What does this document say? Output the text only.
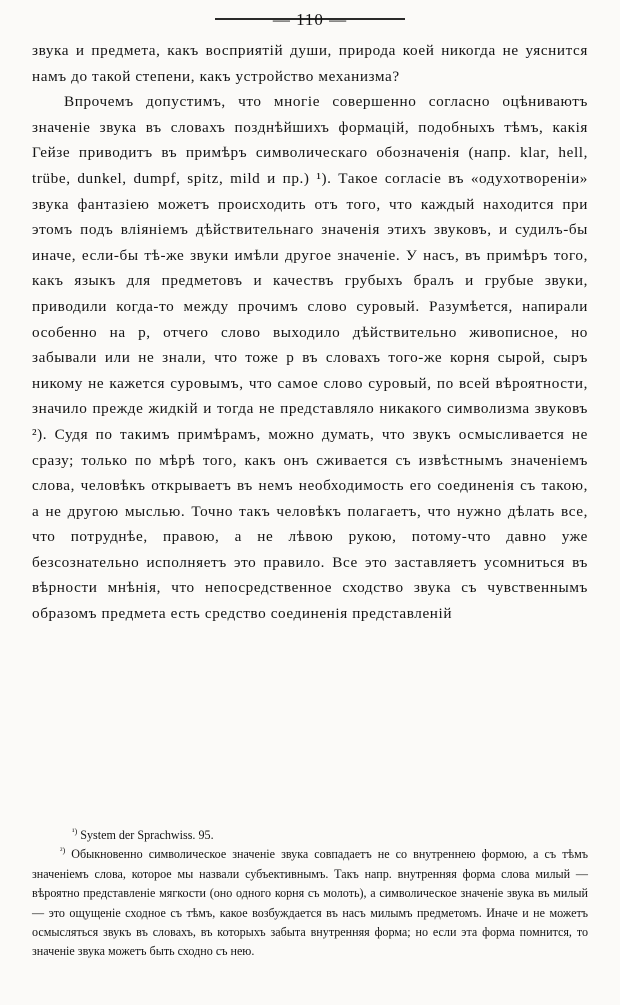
— 110 —

звука и предмета, какъ восприятій души, природа коей никогда не уяснится намъ до такой степени, какъ устройство механизма?

Впрочемъ допустимъ, что многіе совершенно согласно оцѣниваютъ значеніе звука въ словахъ позднѣйшихъ формацій, подобныхъ тѣмъ, какія Гейзе приводитъ въ примѣръ символическаго обозначенія (напр. klar, hell, trübe, dunkel, dumpf, spitz, mild и пр.) ¹). Такое согласіе въ «одухотвореніи» звука фантазіею можетъ происходить отъ того, что каждый находится при этомъ подъ вліяніемъ дѣйствительнаго значенія этихъ звуковъ, и судилъ-бы иначе, если-бы тѣ-же звуки имѣли другое значеніе. У насъ, въ примѣръ того, какъ языкъ для предметовъ и качествъ грубыхъ бралъ и грубые звуки, приводили когда-то между прочимъ слово суровый. Разумѣется, напирали особенно на р, отчего слово выходило дѣйствительно живописное, но забывали или не знали, что тоже р въ словахъ того-же корня сырой, сыръ никому не кажется суровымъ, что самое слово суровый, по всей вѣроятности, значило прежде жидкій и тогда не представляло никакого символизма звуковъ ²). Судя по такимъ примѣрамъ, можно думать, что звукъ осмысливается не сразу; только по мѣрѣ того, какъ онъ сживается съ извѣстнымъ значеніемъ слова, человѣкъ открываетъ въ немъ необходимость его соединенія съ такою, а не другою мыслью. Точно такъ человѣкъ полагаетъ, что нужно дѣлать все, что потруднѣе, правою, а не лѣвою рукою, потому-что давно уже безсознательно исполняетъ это правило. Все это заставляетъ усомниться въ вѣрности мнѣнія, что непосредственное сходство звука съ чувственнымъ образомъ предмета есть средство соединенія представленій

$^{^1)}$ System der Sprachwiss. 95.

$^{^2)}$ Обыкновенно символическое значеніе звука совпадаетъ не со внутреннею формою, а съ тѣмъ значеніемъ слова, которое мы назвали субъективнымъ. Такъ напр. внутренняя форма слова милый — вѣроятно представленіе мягкости (оно одного корня съ молоть), а символическое значеніе звука въ милый — это ощущеніе сходное съ тѣмъ, какое возбуждается въ насъ милымъ предметомъ. Иначе и не можетъ осмысляться звукъ въ словахъ, въ которыхъ забыта внутренняя форма; но если эта форма помнится, то значеніе звука можетъ быть сходно съ нею.
